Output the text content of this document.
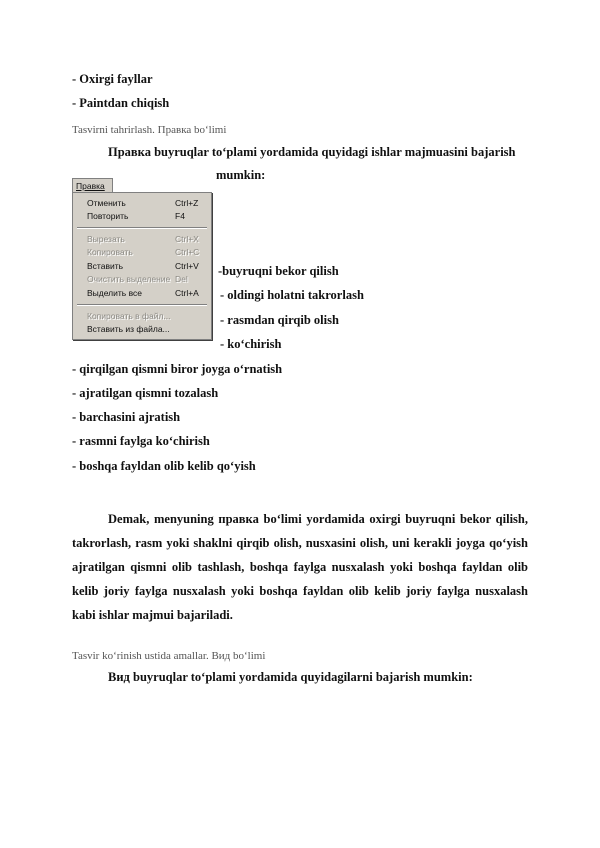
- Oxirgi fayllar
- Paintdan chiqish
Tasvirni tahrirlash. Правка bo‘limi
Правка buyruqlar to‘plami yordamida quyidagi ishlar majmuasini bajarish
mumkin:
Правка
Отменить	Ctrl+Z
Повторить	F4
Вырезать	Ctrl+X
Копировать	Ctrl+C
Вставить	Ctrl+V
Очистить выделение Del
Выделить все	Ctrl+A
Копировать в файл...
Вставить из файла...
-buyruqni bekor qilish
- oldingi holatni takrorlash
- rasmdan qirqib olish
- ko‘chirish
- qirqilgan qismni biror joyga o‘rnatish
- ajratilgan qismni tozalash
- barchasini ajratish
- rasmni faylga ko‘chirish
- boshqa fayldan olib kelib qo‘yish
Demak, menyuning правка bo‘limi yordamida oxirgi buyruqni bekor qilish, takrorlash, rasm yoki shaklni qirqib olish, nusxasini olish, uni kerakli joyga qo‘yish ajratilgan qismni olib tashlash, boshqa faylga nusxalash yoki boshqa fayldan olib kelib joriy faylga nusxalash yoki boshqa fayldan olib kelib joriy faylga nusxalash kabi ishlar majmui bajariladi.
Tasvir ko‘rinish ustida amallar. Вид bo‘limi
Вид buyruqlar to‘plami yordamida quyidagilarni bajarish mumkin:
